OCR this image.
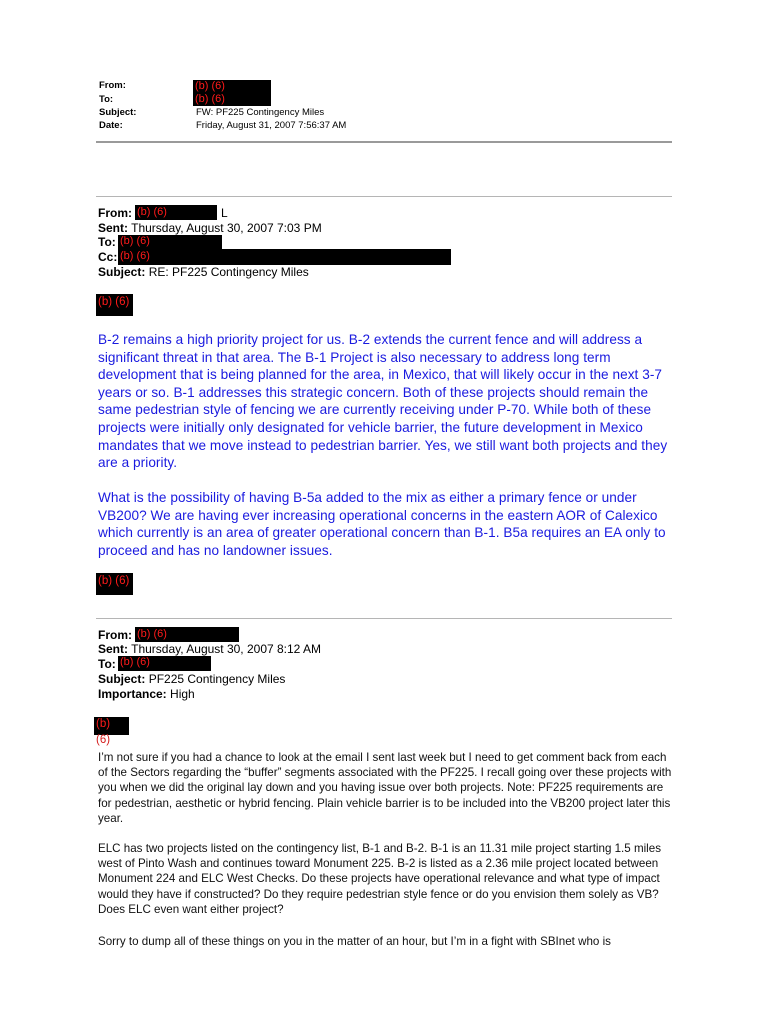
From:
To:
Subject:
Date:
(b) (6)
(b) (6)
FW: PF225 Contingency Miles
Friday, August 31, 2007 7:56:37 AM
From: (b) (6)	L
Sent: Thursday, August 30, 2007 7:03 PM
To: (b) (6)
Cc: (b) (6)
Subject: RE: PF225 Contingency Miles
(b) (6)

B-2 remains a high priority project for us. B-2 extends the current fence and will address a significant threat in that area. The B-1 Project is also necessary to address long term development that is being planned for the area, in Mexico, that will likely occur in the next 3-7 years or so. B-1 addresses this strategic concern. Both of these projects should remain the same pedestrian style of fencing we are currently receiving under P-70. While both of these projects were initially only designated for vehicle barrier, the future development in Mexico mandates that we move instead to pedestrian barrier. Yes, we still want both projects and they are a priority.

What is the possibility of having B-5a added to the mix as either a primary fence or under VB200? We are having ever increasing operational concerns in the eastern AOR of Calexico which currently is an area of greater operational concern than B-1. B5a requires an EA only to proceed and has no landowner issues.

(b) (6)
From: (b) (6)
Sent: Thursday, August 30, 2007 8:12 AM
To: (b) (6)
Subject: PF225 Contingency Miles
Importance: High
(b)
(6)

I’m not sure if you had a chance to look at the email I sent last week but I need to get comment back from each of the Sectors regarding the “buffer” segments associated with the PF225. I recall going over these projects with you when we did the original lay down and you having issue over both projects. Note: PF225 requirements are for pedestrian, aesthetic or hybrid fencing. Plain vehicle barrier is to be included into the VB200 project later this year.

ELC has two projects listed on the contingency list, B-1 and B-2. B-1 is an 11.31 mile project starting 1.5 miles west of Pinto Wash and continues toward Monument 225. B-2 is listed as a 2.36 mile project located between Monument 224 and ELC West Checks. Do these projects have operational relevance and what type of impact would they have if constructed? Do they require pedestrian style fence or do you envision them solely as VB? Does ELC even want either project?

Sorry to dump all of these things on you in the matter of an hour, but I’m in a fight with SBInet who is
